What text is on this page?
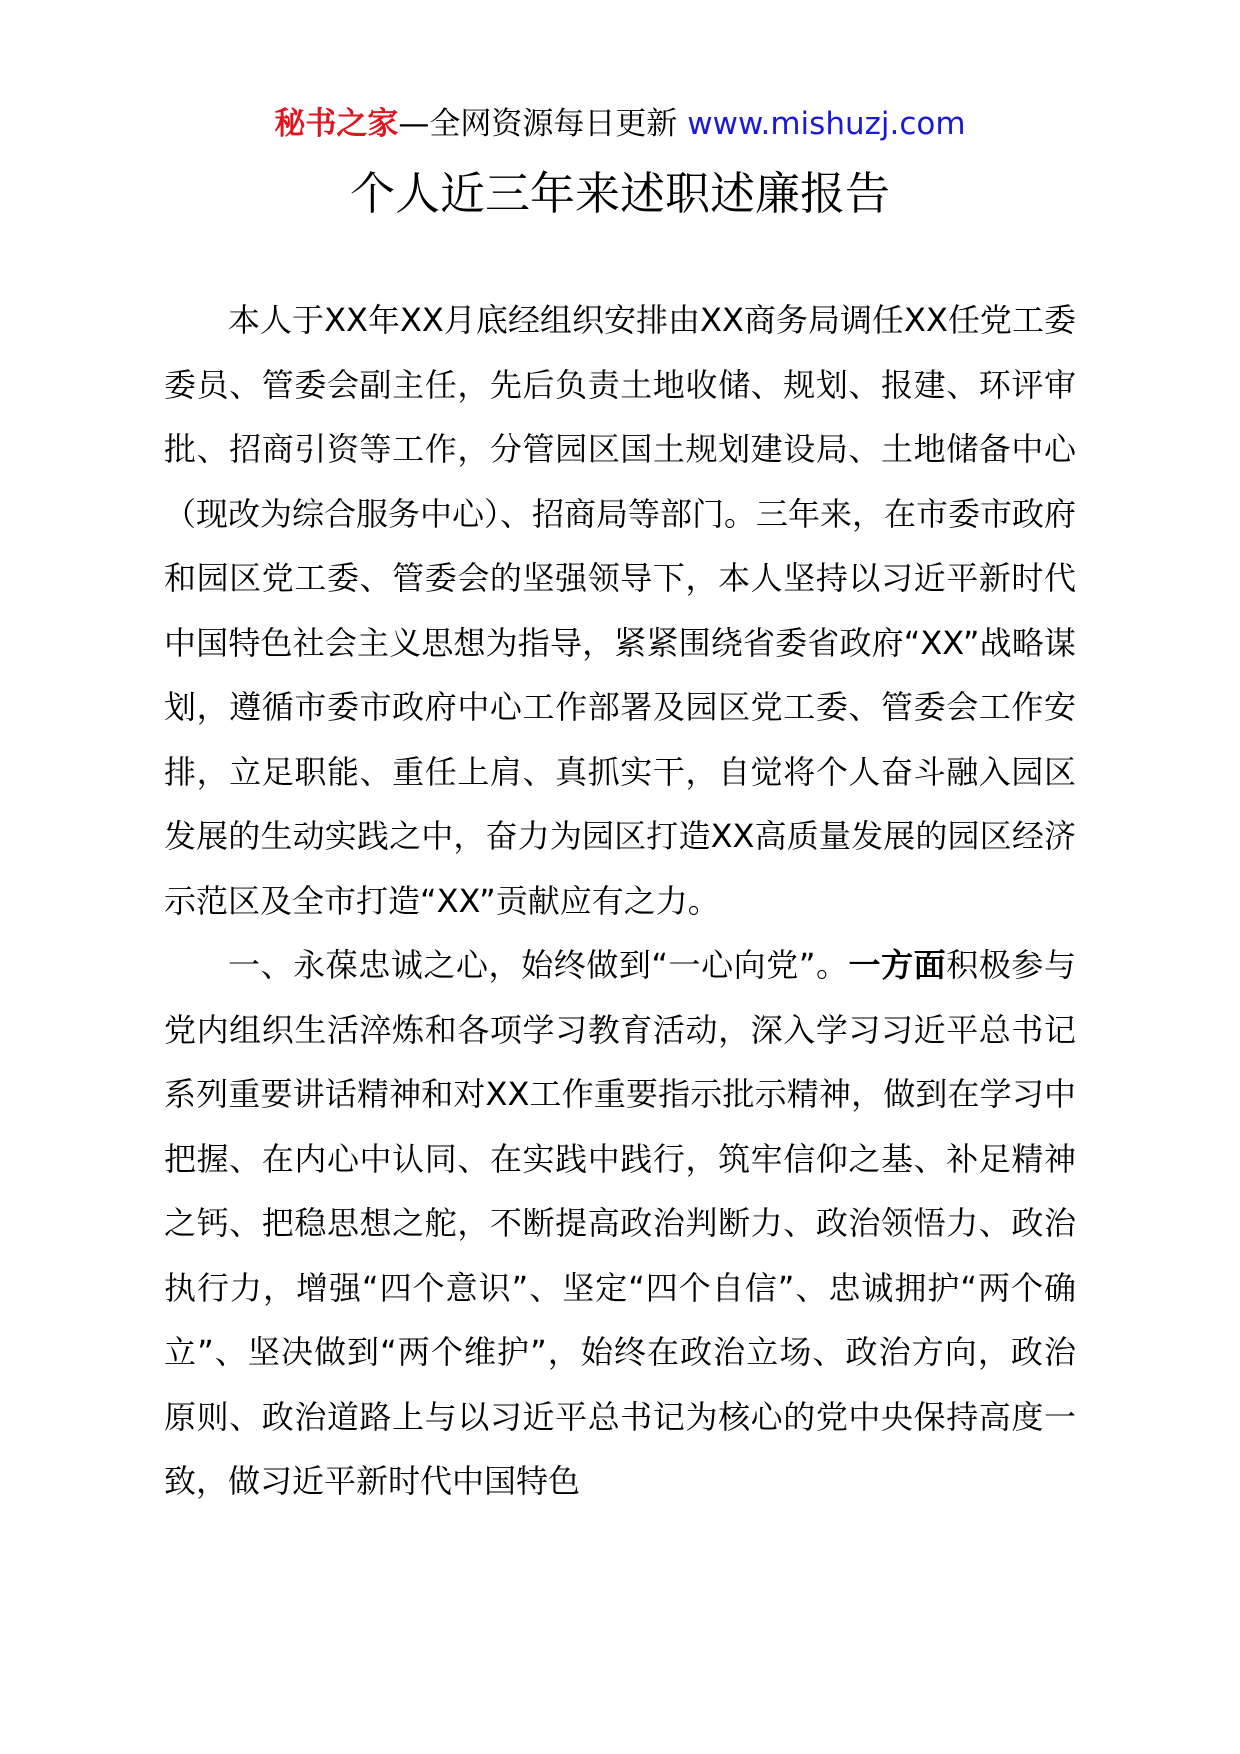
秘书之家—全网资源每日更新 www.mishuzj.com
个人近三年来述职述廉报告

本人于XX年XX月底经组织安排由XX商务局调任XX任党工委委员、管委会副主任，先后负责土地收储、规划、报建、环评审批、招商引资等工作，分管园区国土规划建设局、土地储备中心（现改为综合服务中心）、招商局等部门。三年来，在市委市政府和园区党工委、管委会的坚强领导下，本人坚持以习近平新时代中国特色社会主义思想为指导，紧紧围绕省委省政府“XX”战略谋划，遵循市委市政府中心工作部署及园区党工委、管委会工作安排，立足职能、重任上肩、真抓实干，自觉将个人奋斗融入园区发展的生动实践之中，奋力为园区打造XX高质量发展的园区经济示范区及全市打造“XX”贡献应有之力。

一、永葆忠诚之心，始终做到“一心向党”。一方面积极参与党内组织生活淬炼和各项学习教育活动，深入学习习近平总书记系列重要讲话精神和对XX工作重要指示批示精神，做到在学习中把握、在内心中认同、在实践中践行，筑牢信仰之基、补足精神之钙、把稳思想之舵，不断提高政治判断力、政治领悟力、政治执行力，增强“四个意识”、坚定“四个自信”、忠诚拥护“两个确立”、坚决做到“两个维护”，始终在政治立场、政治方向，政治原则、政治道路上与以习近平总书记为核心的党中央保持高度一致，做习近平新时代中国特色
